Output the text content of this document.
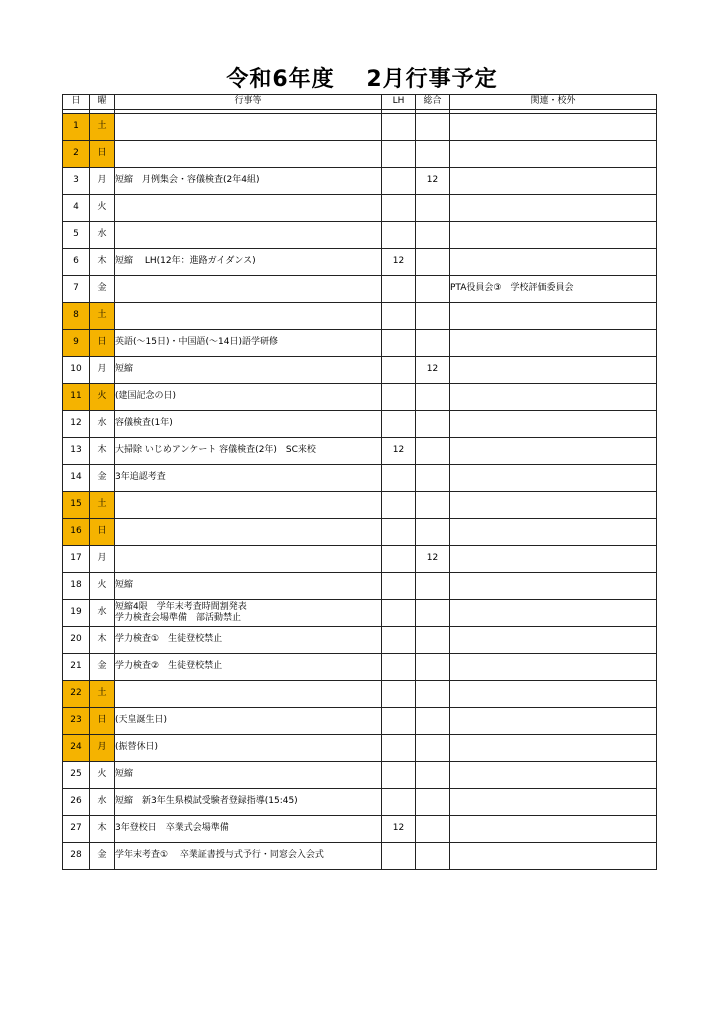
令和6年度　 2月行事予定
日	曜	行事等	LH	総合	関連・校外

1	土	

2	日	

3	月	短縮　月例集会・容儀検査(2年4組)		12	
4	火	

5	水	

6	木	短縮　 LH(12年：進路ガイダンス)	12		
7	金				PTA役員会③　学校評価委員会
8	土	

9	日	英語(～15日)・中国語(～14日)語学研修			

10	月	短縮		12	
11	火	(建国記念の日)			

12	水	容儀検査(1年)			

13	木	大掃除 いじめアンケート 容儀検査(2年)　SC来校	12		
14	金	3年追認考査			

15	土	

16	日	

17	月			12	
18	火	短縮			

19	水	短縮4限　学年末考査時間割発表
学力検査会場準備　部活動禁止			

20	木	学力検査①　生徒登校禁止			

21	金	学力検査②　生徒登校禁止			

22	土	

23	日	(天皇誕生日)			

24	月	(振替休日)			

25	火	短縮			

26	水	短縮　新3年生県模試受験者登録指導(15:45)			

27	木	3年登校日　卒業式会場準備	12		
28	金	学年末考査①　 卒業証書授与式予行・同窓会入会式			
